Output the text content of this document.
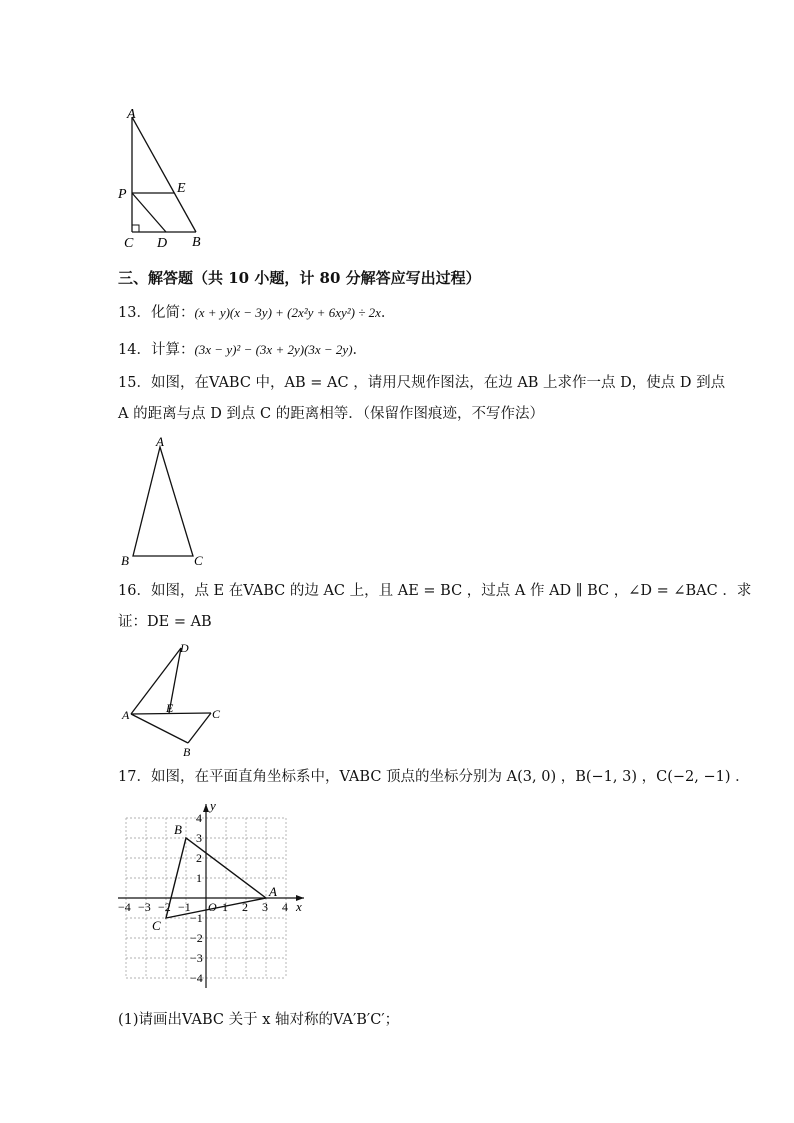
A
P	E
C D B
三、解答题（共 10 小题，计 80 分解答应写出过程）
13．化简：(x + y)(x − 3y) + (2x²y + 6xy²) ÷ 2x．
14．计算：(3x − y)² − (3x + 2y)(3x − 2y)．
15．如图，在VABC 中，AB = AC ，请用尺规作图法，在边 AB 上求作一点 D，使点 D 到点
A 的距离与点 D 到点 C 的距离相等．（保留作图痕迹，不写作法）
A
B	C
16．如图，点 E 在VABC 的边 AC 上，且 AE = BC ，过点 A 作 AD ∥ BC ，∠D = ∠BAC ．求
证：DE = AB
D
A	E	C
B
17．如图，在平面直角坐标系中，VABC 顶点的坐标分别为 A(3, 0) ，B(−1, 3) ，C(−2, −1) ．
x
y
−4 −3 −2 −1	1 2 3 4
4
3
2
1
−1
−2
−3
−4
O
A
B
C
(1)请画出VABC 关于 x 轴对称的VA′B′C′；
